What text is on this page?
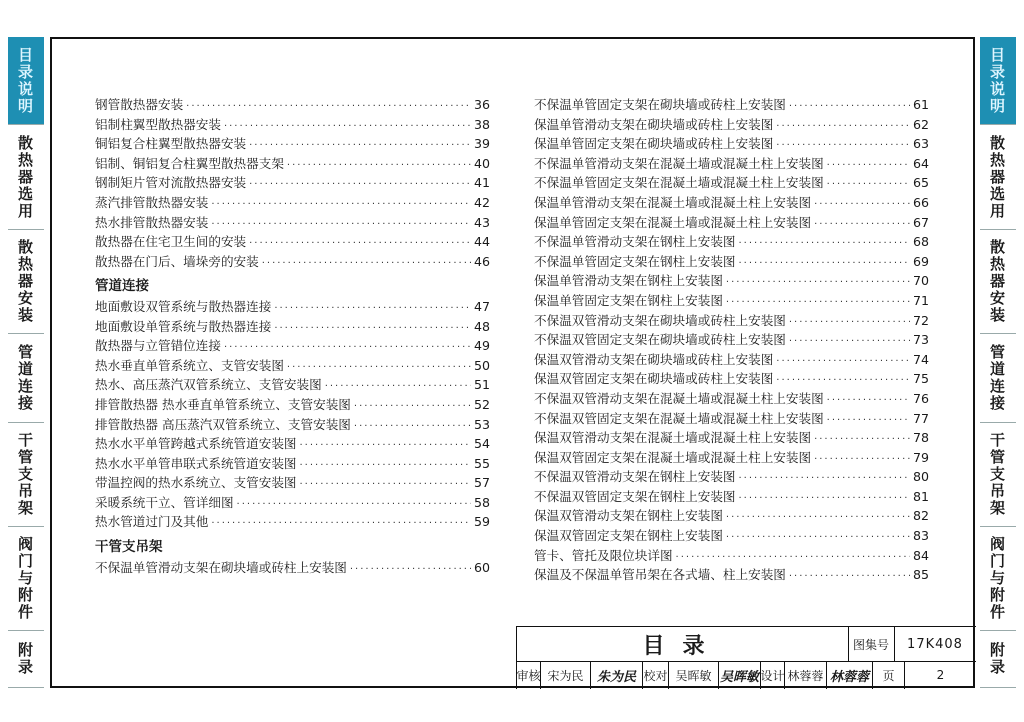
目录说明
散热器选用
散热器安装
管道连接
干管支吊架
阀门与附件
附录
目录说明
散热器选用
散热器安装
管道连接
干管支吊架
阀门与附件
附录
钢管散热器安装 ·····	36
铝制柱翼型散热器安装 ·····	38
铜铝复合柱翼型散热器安装 ·····	39
铝制、铜铝复合柱翼型散热器支架 ·····	40
钢制矩片管对流散热器安装 ·····	41
蒸汽排管散热器安装 ·····	42
热水排管散热器安装 ·····	43
散热器在住宅卫生间的安装 ·····	44
散热器在门后、墙垛旁的安装 ·····	46
管道连接
地面敷设双管系统与散热器连接 ·····	47
地面敷设单管系统与散热器连接 ·····	48
散热器与立管错位连接 ·····	49
热水垂直单管系统立、支管安装图 ·····	50
热水、高压蒸汽双管系统立、支管安装图 ·····	51
排管散热器 热水垂直单管系统立、支管安装图 ·····	52
排管散热器 高压蒸汽双管系统立、支管安装图 ·····	53
热水水平单管跨越式系统管道安装图 ·····	54
热水水平单管串联式系统管道安装图 ·····	55
带温控阀的热水系统立、支管安装图 ·····	57
采暖系统干立、管详细图 ·····	58
热水管道过门及其他 ·····	59
干管支吊架
不保温单管滑动支架在砌块墙或砖柱上安装图 ·····	60
不保温单管固定支架在砌块墙或砖柱上安装图 ·····	61
保温单管滑动支架在砌块墙或砖柱上安装图 ·····	62
保温单管固定支架在砌块墙或砖柱上安装图 ·····	63
不保温单管滑动支架在混凝土墙或混凝土柱上安装图 ·····	64
不保温单管固定支架在混凝土墙或混凝土柱上安装图 ·····	65
保温单管滑动支架在混凝土墙或混凝土柱上安装图 ·····	66
保温单管固定支架在混凝土墙或混凝土柱上安装图 ·····	67
不保温单管滑动支架在钢柱上安装图 ·····	68
不保温单管固定支架在钢柱上安装图 ·····	69
保温单管滑动支架在钢柱上安装图 ·····	70
保温单管固定支架在钢柱上安装图 ·····	71
不保温双管滑动支架在砌块墙或砖柱上安装图 ·····	72
不保温双管固定支架在砌块墙或砖柱上安装图 ·····	73
保温双管滑动支架在砌块墙或砖柱上安装图 ·····	74
保温双管固定支架在砌块墙或砖柱上安装图 ·····	75
不保温双管滑动支架在混凝土墙或混凝土柱上安装图 ·····	76
不保温双管固定支架在混凝土墙或混凝土柱上安装图 ·····	77
保温双管滑动支架在混凝土墙或混凝土柱上安装图 ·····	78
保温双管固定支架在混凝土墙或混凝土柱上安装图 ·····	79
不保温双管滑动支架在钢柱上安装图 ·····	80
不保温双管固定支架在钢柱上安装图 ·····	81
保温双管滑动支架在钢柱上安装图 ·····	82
保温双管固定支架在钢柱上安装图 ·····	83
管卡、管托及限位块详图 ·····	84
保温及不保温单管吊架在各式墙、柱上安装图 ·····	85
目录	图集号	17K408
审核 宋为民	朱为民 校对 吴晖敏 吴晖敏 设计 林蓉蓉 林蓉蓉	页	2
